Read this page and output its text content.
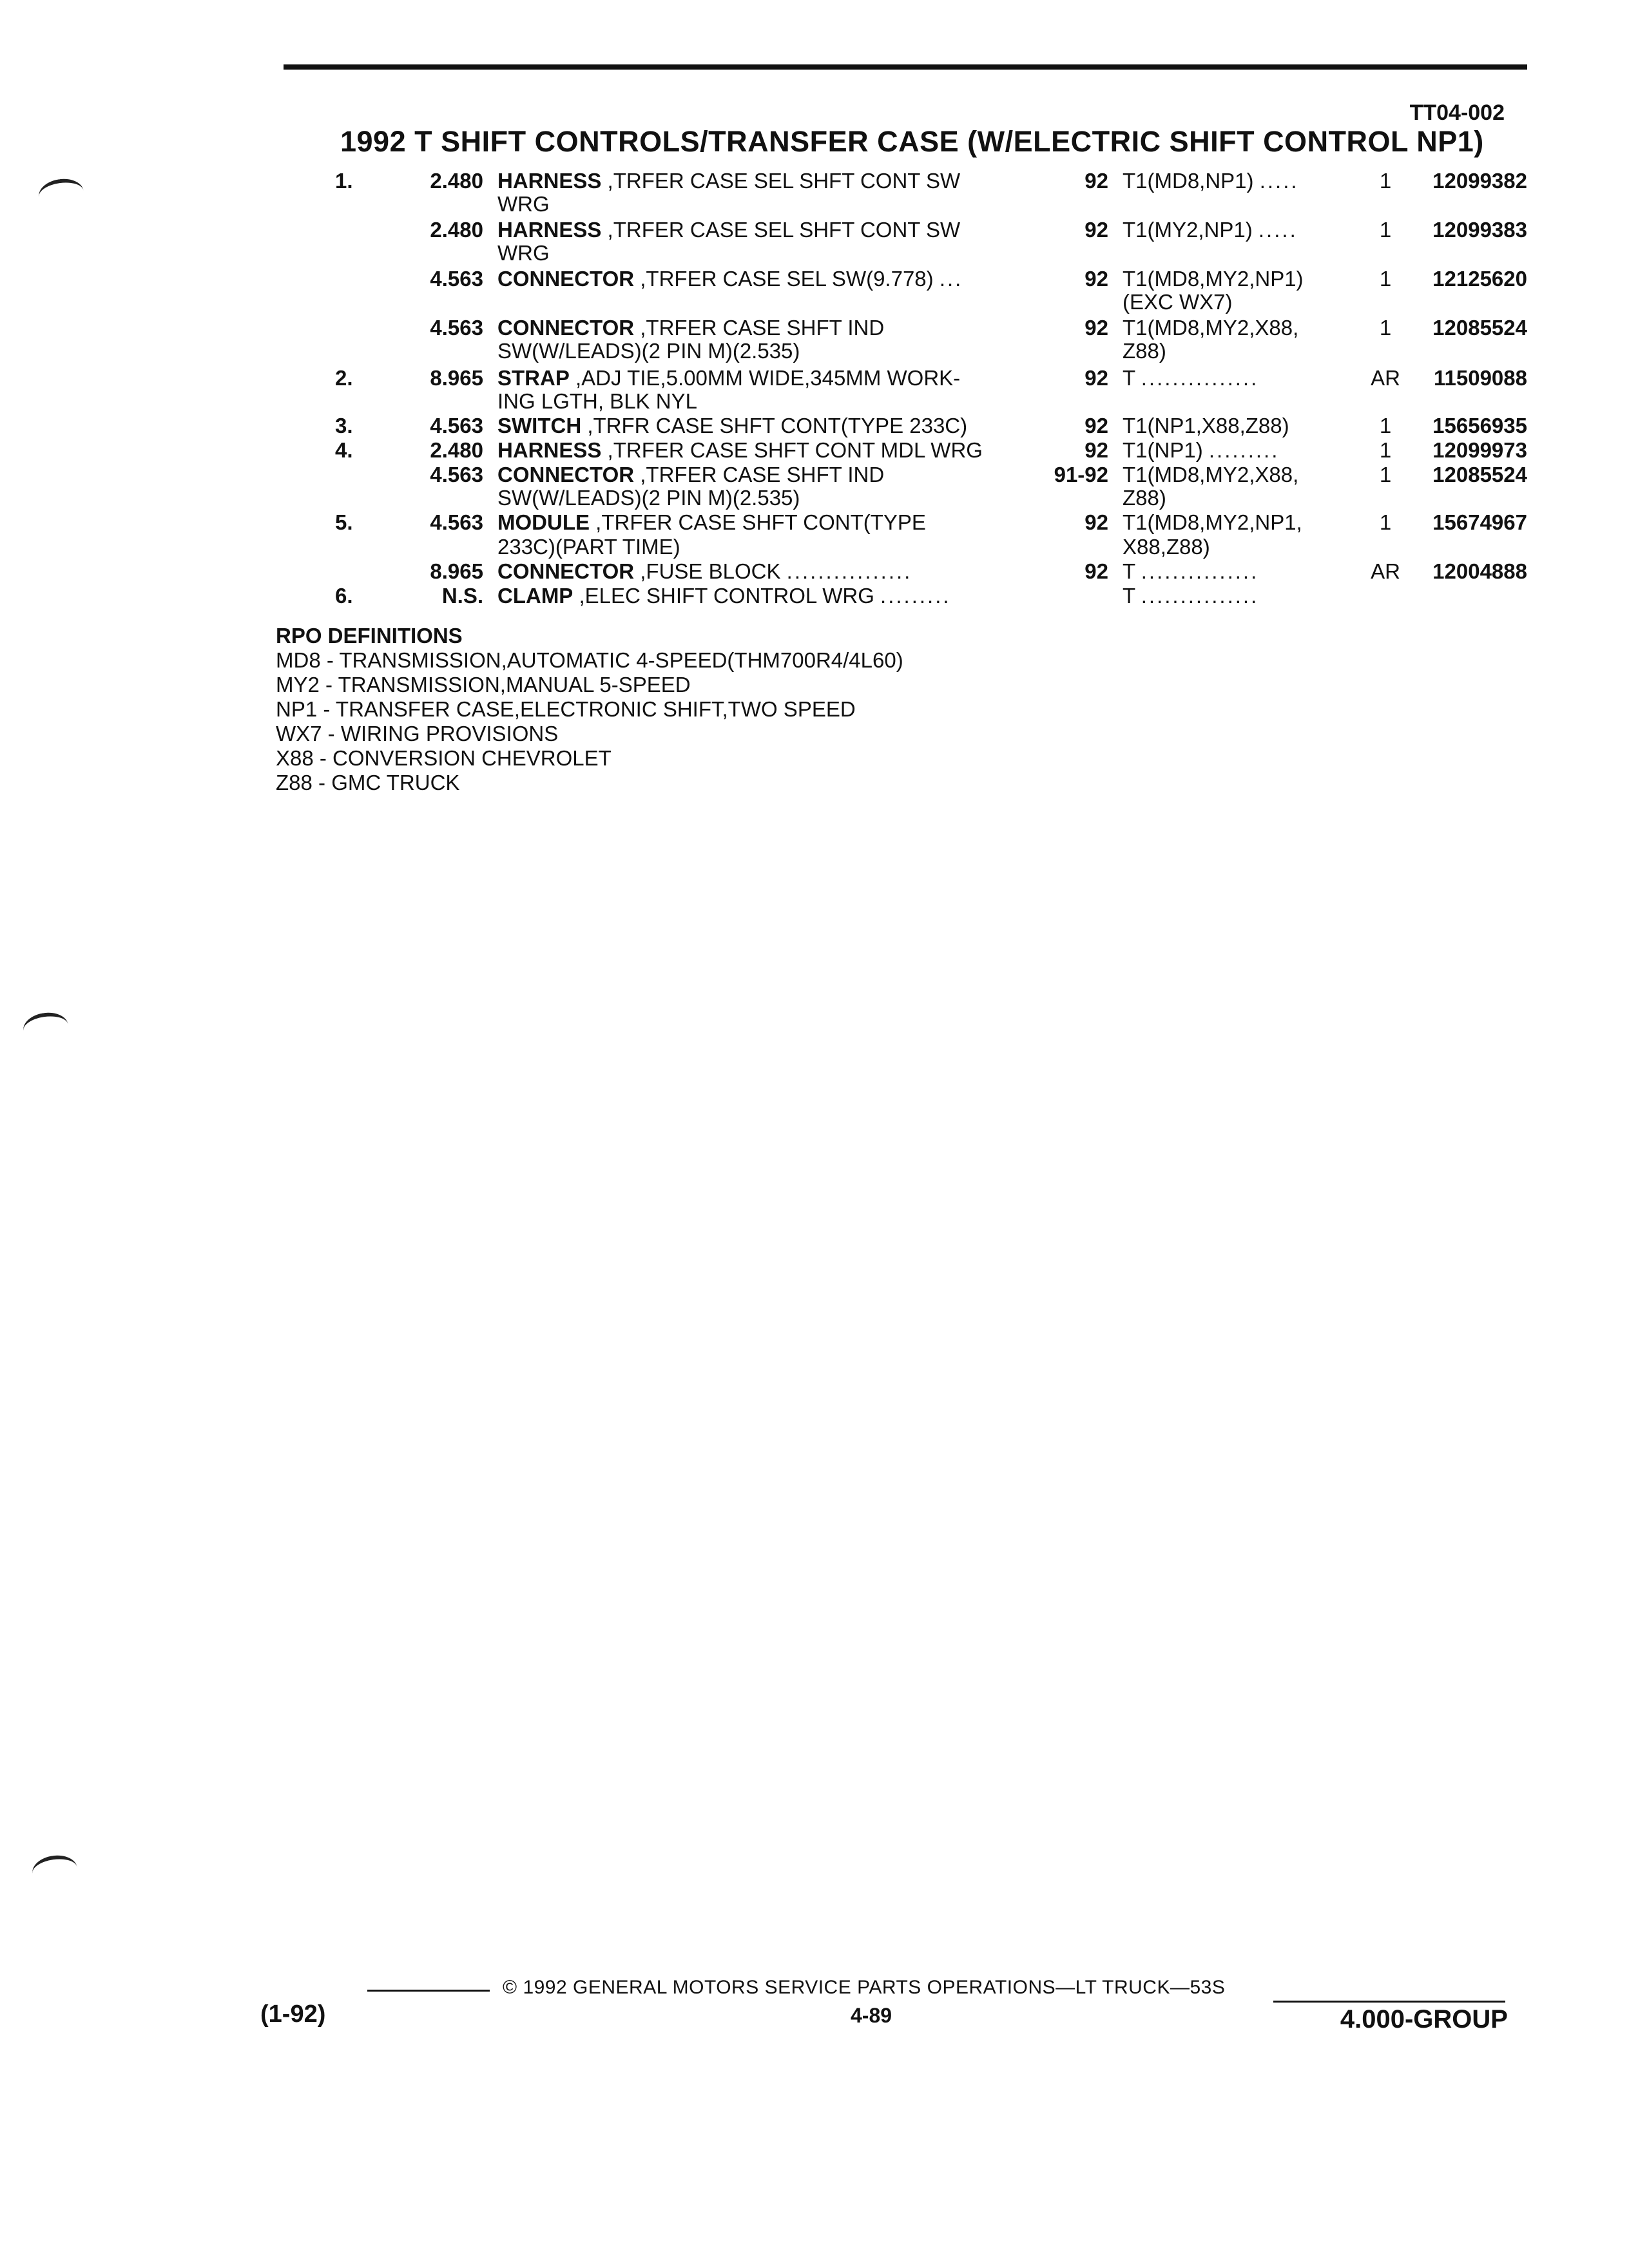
TT04-002
1992 T SHIFT CONTROLS/TRANSFER CASE (W/ELECTRIC SHIFT CONTROL NP1)
1.	2.480 HARNESS ,TRFER CASE SEL SHFT CONT SW	92 T1(MD8,NP1) .....	1	12099382
WRG
2.480 HARNESS ,TRFER CASE SEL SHFT CONT SW	92 T1(MY2,NP1) .....	1	12099383
WRG
4.563 CONNECTOR ,TRFER CASE SEL SW(9.778) ...	92 T1(MD8,MY2,NP1)	1	12125620
(EXC WX7)
4.563 CONNECTOR ,TRFER CASE SHFT IND	92 T1(MD8,MY2,X88,	1	12085524
SW(W/LEADS)(2 PIN M)(2.535)	Z88)
2.	8.965 STRAP ,ADJ TIE,5.00MM WIDE,345MM WORK-	92 T ...............	AR	11509088
ING LGTH, BLK NYL
3.	4.563 SWITCH ,TRFR CASE SHFT CONT(TYPE 233C)	92 T1(NP1,X88,Z88)	1	15656935
4.	2.480 HARNESS ,TRFER CASE SHFT CONT MDL WRG	92 T1(NP1) .........	1	12099973
4.563 CONNECTOR ,TRFER CASE SHFT IND	91-92 T1(MD8,MY2,X88,	1	12085524
SW(W/LEADS)(2 PIN M)(2.535)	Z88)
5.	4.563 MODULE ,TRFER CASE SHFT CONT(TYPE	92 T1(MD8,MY2,NP1,	1	15674967
233C)(PART TIME)	X88,Z88)
8.965 CONNECTOR ,FUSE BLOCK ................	92 T ...............	AR	12004888
6.	N.S. CLAMP ,ELEC SHIFT CONTROL WRG .........	T ...............
RPO DEFINITIONS
MD8 - TRANSMISSION,AUTOMATIC 4-SPEED(THM700R4/4L60)
MY2 - TRANSMISSION,MANUAL 5-SPEED
NP1 - TRANSFER CASE,ELECTRONIC SHIFT,TWO SPEED
WX7 - WIRING PROVISIONS
X88 - CONVERSION CHEVROLET
Z88 - GMC TRUCK
(1-92)
© 1992 GENERAL MOTORS SERVICE PARTS OPERATIONS—LT TRUCK—53S
4-89	4.000-GROUP
